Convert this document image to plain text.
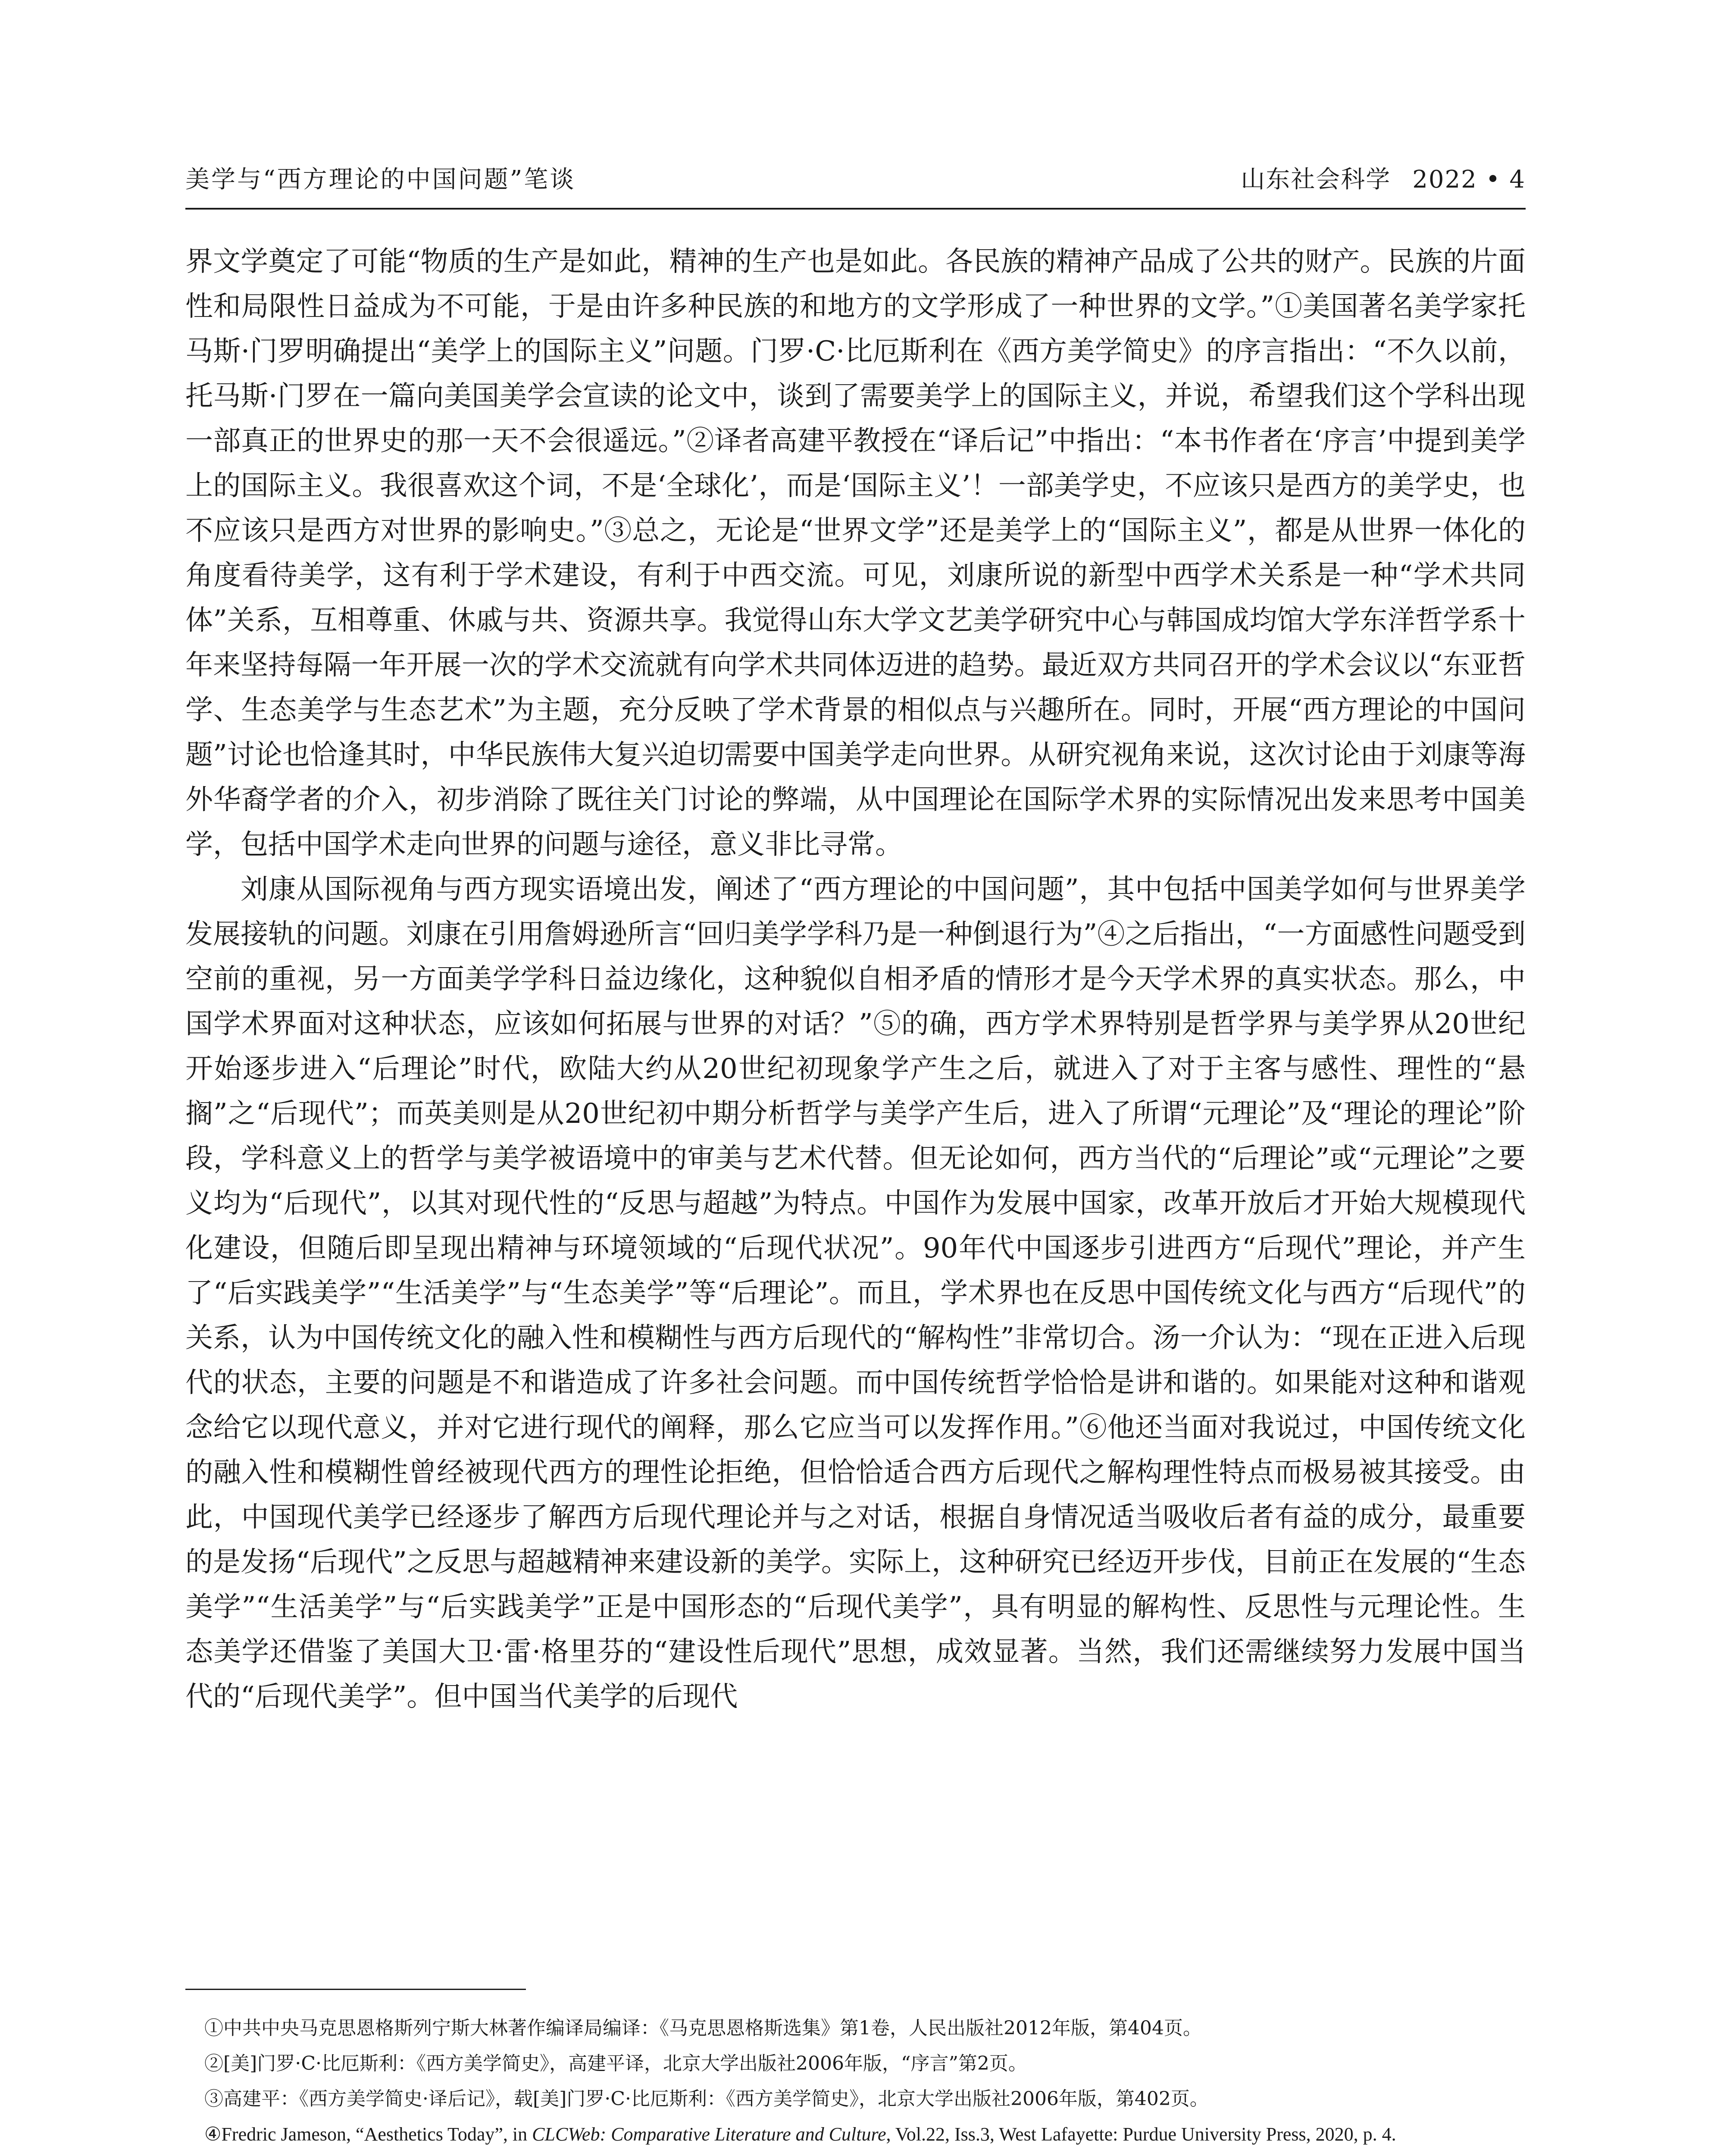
美学与“西方理论的中国问题”笔谈	山东社会科学 2022 • 4

界文学奠定了可能“物质的生产是如此，精神的生产也是如此。各民族的精神产品成了公共的财产。民族的片面性和局限性日益成为不可能，于是由许多种民族的和地方的文学形成了一种世界的文学。”①美国著名美学家托马斯·门罗明确提出“美学上的国际主义”问题。门罗·C·比厄斯利在《西方美学简史》的序言指出：“不久以前，托马斯·门罗在一篇向美国美学会宣读的论文中，谈到了需要美学上的国际主义，并说，希望我们这个学科出现一部真正的世界史的那一天不会很遥远。”②译者高建平教授在“译后记”中指出：“本书作者在‘序言’中提到美学上的国际主义。我很喜欢这个词，不是‘全球化’，而是‘国际主义’！一部美学史，不应该只是西方的美学史，也不应该只是西方对世界的影响史。”③总之，无论是“世界文学”还是美学上的“国际主义”，都是从世界一体化的角度看待美学，这有利于学术建设，有利于中西交流。可见，刘康所说的新型中西学术关系是一种“学术共同体”关系，互相尊重、休戚与共、资源共享。我觉得山东大学文艺美学研究中心与韩国成均馆大学东洋哲学系十年来坚持每隔一年开展一次的学术交流就有向学术共同体迈进的趋势。最近双方共同召开的学术会议以“东亚哲学、生态美学与生态艺术”为主题，充分反映了学术背景的相似点与兴趣所在。同时，开展“西方理论的中国问题”讨论也恰逢其时，中华民族伟大复兴迫切需要中国美学走向世界。从研究视角来说，这次讨论由于刘康等海外华裔学者的介入，初步消除了既往关门讨论的弊端，从中国理论在国际学术界的实际情况出发来思考中国美学，包括中国学术走向世界的问题与途径，意义非比寻常。

刘康从国际视角与西方现实语境出发，阐述了“西方理论的中国问题”，其中包括中国美学如何与世界美学发展接轨的问题。刘康在引用詹姆逊所言“回归美学学科乃是一种倒退行为”④之后指出，“一方面感性问题受到空前的重视，另一方面美学学科日益边缘化，这种貌似自相矛盾的情形才是今天学术界的真实状态。那么，中国学术界面对这种状态，应该如何拓展与世界的对话？”⑤的确，西方学术界特别是哲学界与美学界从20世纪开始逐步进入“后理论”时代，欧陆大约从20世纪初现象学产生之后，就进入了对于主客与感性、理性的“悬搁”之“后现代”；而英美则是从20世纪初中期分析哲学与美学产生后，进入了所谓“元理论”及“理论的理论”阶段，学科意义上的哲学与美学被语境中的审美与艺术代替。但无论如何，西方当代的“后理论”或“元理论”之要义均为“后现代”，以其对现代性的“反思与超越”为特点。中国作为发展中国家，改革开放后才开始大规模现代化建设，但随后即呈现出精神与环境领域的“后现代状况”。90年代中国逐步引进西方“后现代”理论，并产生了“后实践美学”“生活美学”与“生态美学”等“后理论”。而且，学术界也在反思中国传统文化与西方“后现代”的关系，认为中国传统文化的融入性和模糊性与西方后现代的“解构性”非常切合。汤一介认为：“现在正进入后现代的状态，主要的问题是不和谐造成了许多社会问题。而中国传统哲学恰恰是讲和谐的。如果能对这种和谐观念给它以现代意义，并对它进行现代的阐释，那么它应当可以发挥作用。”⑥他还当面对我说过，中国传统文化的融入性和模糊性曾经被现代西方的理性论拒绝，但恰恰适合西方后现代之解构理性特点而极易被其接受。由此，中国现代美学已经逐步了解西方后现代理论并与之对话，根据自身情况适当吸收后者有益的成分，最重要的是发扬“后现代”之反思与超越精神来建设新的美学。实际上，这种研究已经迈开步伐，目前正在发展的“生态美学”“生活美学”与“后实践美学”正是中国形态的“后现代美学”，具有明显的解构性、反思性与元理论性。生态美学还借鉴了美国大卫·雷·格里芬的“建设性后现代”思想，成效显著。当然，我们还需继续努力发展中国当代的“后现代美学”。但中国当代美学的后现代

①中共中央马克思恩格斯列宁斯大林著作编译局编译：《马克思恩格斯选集》第1卷，人民出版社2012年版，第404页。

②[美]门罗·C·比厄斯利：《西方美学简史》，高建平译，北京大学出版社2006年版，“序言”第2页。

③高建平：《西方美学简史·译后记》，载[美]门罗·C·比厄斯利：《西方美学简史》，北京大学出版社2006年版，第402页。

④Fredric Jameson, “Aesthetics Today”, in CLCWeb: Comparative Literature and Culture, Vol.22, Iss.3, West Lafayette: Purdue University Press, 2020, p. 4.
